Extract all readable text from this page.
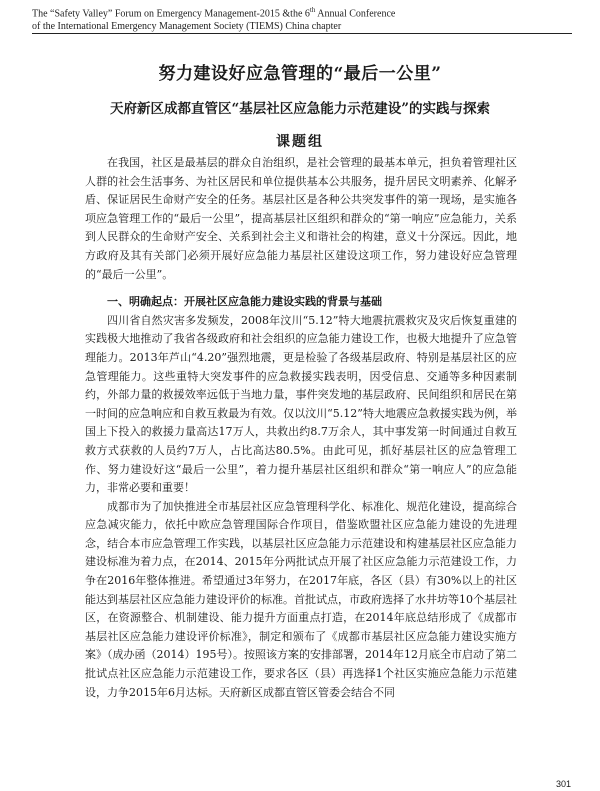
The “Safety Valley” Forum on Emergency Management-2015 &the 6th Annual Conference
of the International Emergency Management Society (TIEMS) China chapter
努力建设好应急管理的“最后一公里”
天府新区成都直管区“基层社区应急能力示范建设”的实践与探索
课题组

在我国，社区是最基层的群众自治组织，是社会管理的最基本单元，担负着管理社区人群的社会生活事务、为社区居民和单位提供基本公共服务，提升居民文明素养、化解矛盾、保证居民生命财产安全的任务。基层社区是各种公共突发事件的第一现场，是实施各项应急管理工作的“最后一公里”，提高基层社区组织和群众的“第一响应”应急能力，关系到人民群众的生命财产安全、关系到社会主义和谐社会的构建，意义十分深远。因此，地方政府及其有关部门必须开展好应急能力基层社区建设这项工作，努力建设好应急管理的“最后一公里”。

一、明确起点：开展社区应急能力建设实践的背景与基础

四川省自然灾害多发频发，2008年汶川“5.12”特大地震抗震救灾及灾后恢复重建的实践极大地推动了我省各级政府和社会组织的应急能力建设工作，也极大地提升了应急管理能力。2013年芦山“4.20”强烈地震，更是检验了各级基层政府、特别是基层社区的应急管理能力。这些重特大突发事件的应急救援实践表明，因受信息、交通等多种因素制约，外部力量的救援效率远低于当地力量，事件突发地的基层政府、民间组织和居民在第一时间的应急响应和自救互救最为有效。仅以汶川“5.12”特大地震应急救援实践为例，举国上下投入的救援力量高达17万人，共救出约8.7万余人，其中事发第一时间通过自救互救方式获救的人员约7万人，占比高达80.5%。由此可见，抓好基层社区的应急管理工作、努力建设好这“最后一公里”，着力提升基层社区组织和群众“第一响应人”的应急能力，非常必要和重要！

成都市为了加快推进全市基层社区应急管理科学化、标准化、规范化建设，提高综合应急减灾能力，依托中欧应急管理国际合作项目，借鉴欧盟社区应急能力建设的先进理念，结合本市应急管理工作实践，以基层社区应急能力示范建设和构建基层社区应急能力建设标准为着力点，在2014、2015年分两批试点开展了社区应急能力示范建设工作，力争在2016年整体推进。希望通过3年努力，在2017年底，各区（县）有30%以上的社区能达到基层社区应急能力建设评价的标准。首批试点，市政府选择了水井坊等10个基层社区，在资源整合、机制建设、能力提升方面重点打造，在2014年底总结形成了《成都市基层社区应急能力建设评价标准》，制定和颁布了《成都市基层社区应急能力建设实施方案》（成办函（2014）195号）。按照该方案的安排部署，2014年12月底全市启动了第二批试点社区应急能力示范建设工作，要求各区（县）再选择1个社区实施应急能力示范建设，力争2015年6月达标。天府新区成都直管区管委会结合不同

301
